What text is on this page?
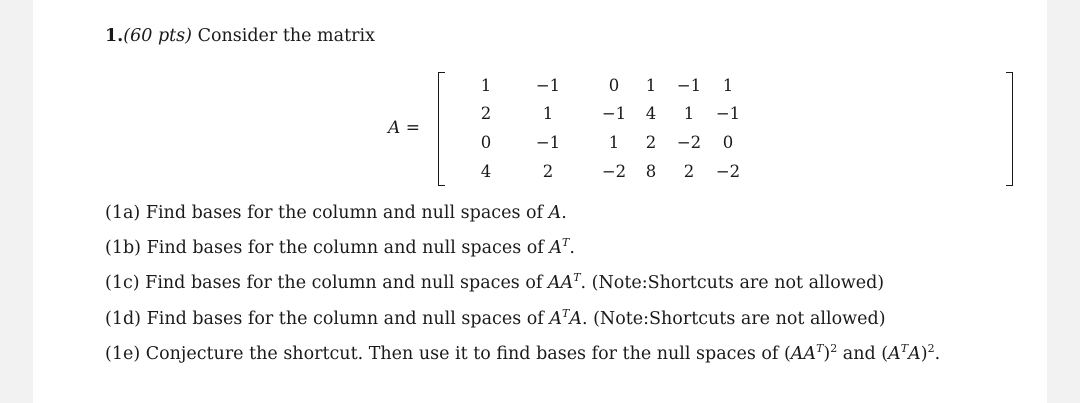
1.(60 pts) Consider the matrix
A =
1	−1	0 1 −1 1
2	1	−1 4 1 −1
0	−1	1 2 −2 0
4	2	−2 8 2 −2
(1a) Find bases for the column and null spaces of A.
(1b) Find bases for the column and null spaces of $A^T$.
(1c) Find bases for the column and null spaces of $AA^T$. (Note:Shortcuts are not allowed)
(1d) Find bases for the column and null spaces of $A^TA$. (Note:Shortcuts are not allowed)
(1e) Conjecture the shortcut. Then use it to find bases for the null spaces of $(AA^T)^2$ and $(A^TA)^2$.
